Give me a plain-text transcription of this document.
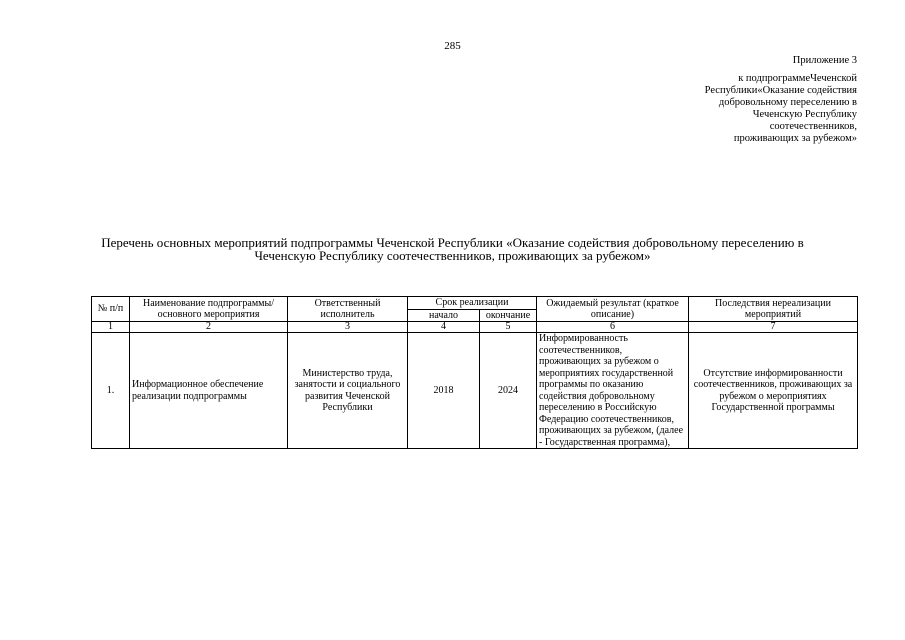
285
Приложение 3
к подпрограммеЧеченской
Республики«Оказание содействия
добровольному переселению в
Чеченскую Республику
соотечественников,
проживающих за рубежом»
Перечень основных мероприятий подпрограммы Чеченской Республики «Оказание содействия добровольному переселению в Чеченскую Республику соотечественников, проживающих за рубежом»
№ п/п	Наименование подпрограммы/ основного мероприятия	Ответственный исполнитель	Срок реализации		Ожидаемый результат (краткое описание)	Последствия нереализации мероприятий
			начало	окончание		
1	2	3	4	5	6	7
1.	Информационное обеспечение реализации подпрограммы	Министерство труда, занятости и социального развития Чеченской Республики	2018	2024	Информированность соотечественников, проживающих за рубежом о мероприятиях государственной программы по оказанию содействия добровольному переселению в Российскую Федерацию соотечественников, проживающих за рубежом, (далее - Государственная программа),	Отсутствие информированности соотечественников, проживающих за рубежом о мероприятиях Государственной программы
